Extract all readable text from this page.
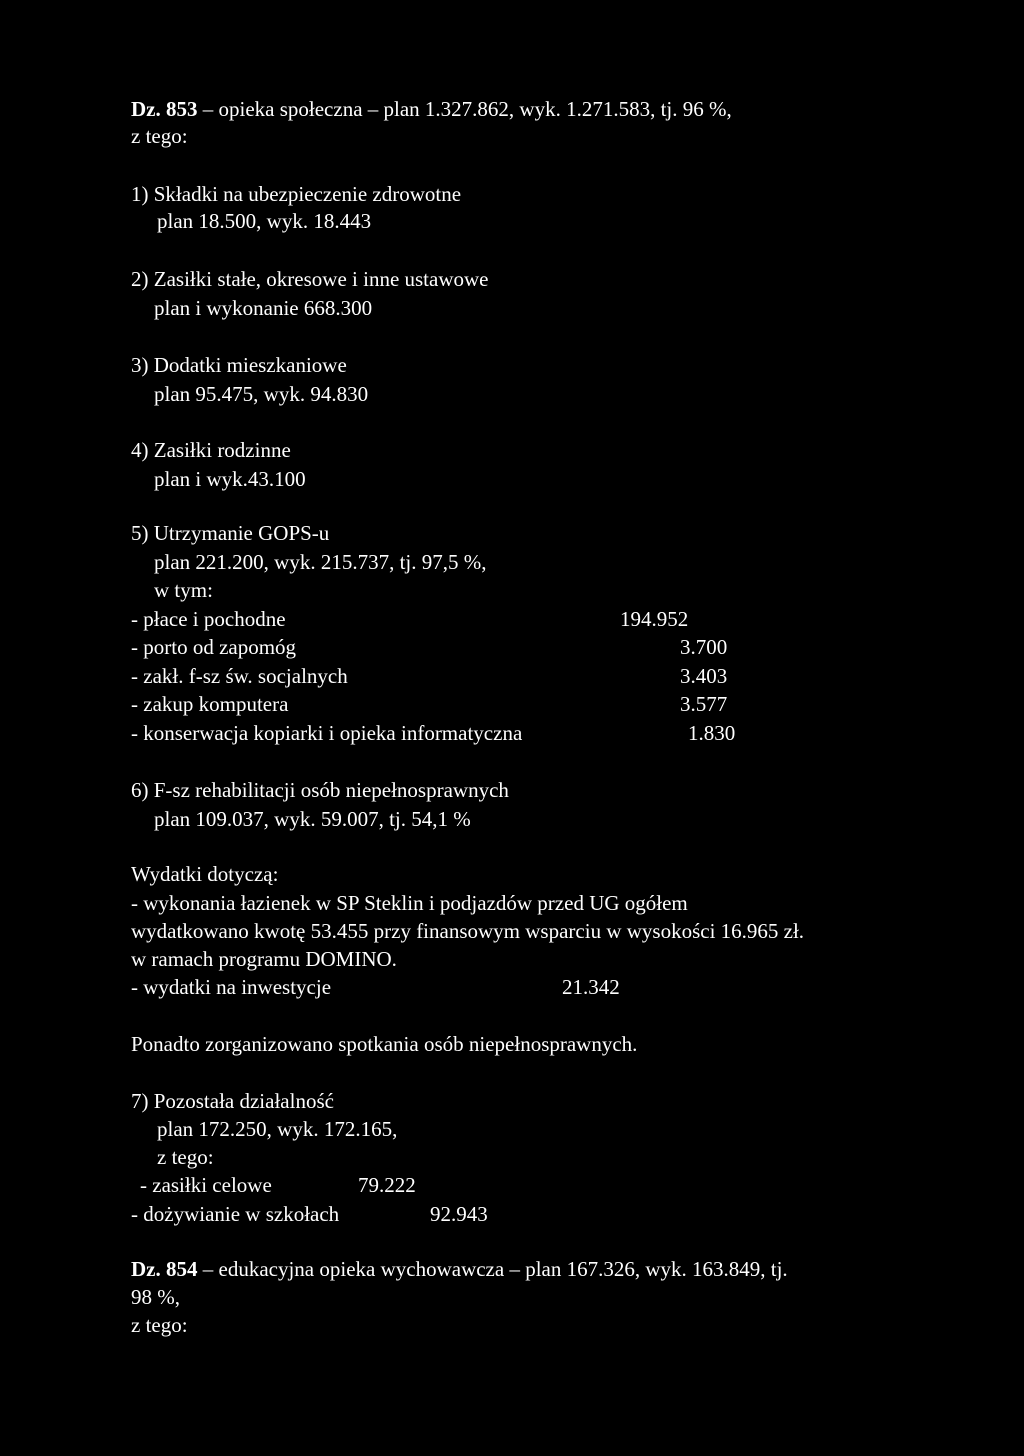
Dz. 853 – opieka społeczna – plan 1.327.862, wyk. 1.271.583, tj. 96 %,
z tego:
1) Składki na ubezpieczenie zdrowotne
plan 18.500, wyk. 18.443
2) Zasiłki stałe, okresowe i inne ustawowe
plan i wykonanie 668.300
3) Dodatki mieszkaniowe
plan 95.475, wyk. 94.830
4) Zasiłki rodzinne
plan i wyk.43.100
5) Utrzymanie GOPS-u
plan 221.200, wyk. 215.737, tj. 97,5 %,
w tym:
- płace i pochodne	194.952
- porto od zapomóg	3.700
- zakł. f-sz św. socjalnych	3.403
- zakup komputera	3.577
- konserwacja kopiarki i opieka informatyczna	1.830
6) F-sz rehabilitacji osób niepełnosprawnych
plan 109.037, wyk. 59.007, tj. 54,1 %
Wydatki dotyczą:
- wykonania łazienek w SP Steklin i podjazdów przed UG ogółem
wydatkowano kwotę 53.455 przy finansowym wsparciu w wysokości 16.965 zł.
w ramach programu DOMINO.
- wydatki na inwestycje	21.342
Ponadto zorganizowano spotkania osób niepełnosprawnych.
7) Pozostała działalność
plan 172.250, wyk. 172.165,
z tego:
- zasiłki celowe	79.222
- dożywianie w szkołach	92.943
Dz. 854 – edukacyjna opieka wychowawcza – plan 167.326, wyk. 163.849, tj.
98 %,
z tego:
